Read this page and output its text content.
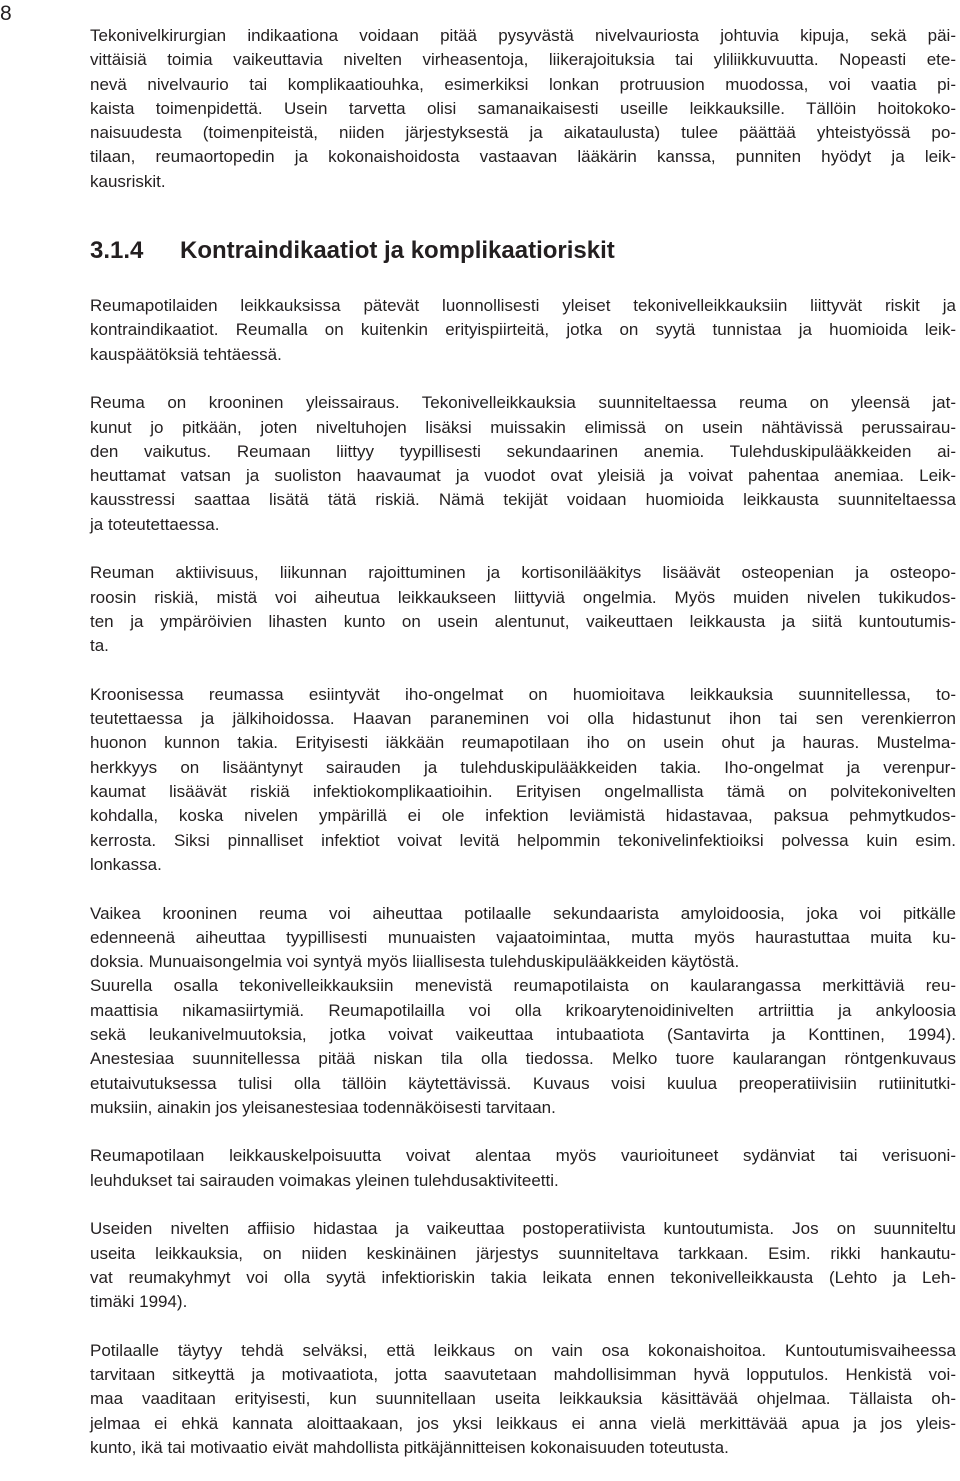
8

Tekonivelkirurgian indikaationa voidaan pitää pysyvästä nivelvauriosta johtuvia kipuja, sekä päi-

vittäisiä toimia vaikeuttavia nivelten virheasentoja, liikerajoituksia tai yliliikkuvuutta. Nopeasti ete-

nevä nivelvaurio tai komplikaatiouhka, esimerkiksi lonkan protruusion muodossa, voi vaatia pi-

kaista toimenpidettä. Usein tarvetta olisi samanaikaisesti useille leikkauksille. Tällöin hoitokoko-

naisuudesta (toimenpiteistä, niiden järjestyksestä ja aikataulusta) tulee päättää yhteistyössä po-

tilaan, reumaortopedin ja kokonaishoidosta vastaavan lääkärin kanssa, punniten hyödyt ja leik-

kausriskit.

3.1.4	Kontraindikaatiot ja komplikaatioriskit

Reumapotilaiden leikkauksissa pätevät luonnollisesti yleiset tekonivelleikkauksiin liittyvät riskit ja

kontraindikaatiot. Reumalla on kuitenkin erityispiirteitä, jotka on syytä tunnistaa ja huomioida leik-

kauspäätöksiä tehtäessä.

Reuma on krooninen yleissairaus. Tekonivelleikkauksia suunniteltaessa reuma on yleensä jat-

kunut jo pitkään, joten niveltuhojen lisäksi muissakin elimissä on usein nähtävissä perussairau-

den vaikutus. Reumaan liittyy tyypillisesti sekundaarinen anemia. Tulehduskipulääkkeiden ai-

heuttamat vatsan ja suoliston haavaumat ja vuodot ovat yleisiä ja voivat pahentaa anemiaa. Leik-

kausstressi saattaa lisätä tätä riskiä. Nämä tekijät voidaan huomioida leikkausta suunniteltaessa

ja toteutettaessa.

Reuman aktiivisuus, liikunnan rajoittuminen ja kortisonilääkitys lisäävät osteopenian ja osteopo-

roosin riskiä, mistä voi aiheutua leikkaukseen liittyviä ongelmia. Myös muiden nivelen tukikudos-

ten ja ympäröivien lihasten kunto on usein alentunut, vaikeuttaen leikkausta ja siitä kuntoutumis-

ta.

Kroonisessa reumassa esiintyvät iho-ongelmat on huomioitava leikkauksia suunnitellessa, to-

teutettaessa ja jälkihoidossa. Haavan paraneminen voi olla hidastunut ihon tai sen verenkierron

huonon kunnon takia. Erityisesti iäkkään reumapotilaan iho on usein ohut ja hauras. Mustelma-

herkkyys on lisääntynyt sairauden ja tulehduskipulääkkeiden takia. Iho-ongelmat ja verenpur-

kaumat lisäävät riskiä infektiokomplikaatioihin. Erityisen ongelmallista tämä on polvitekonivelten

kohdalla, koska nivelen ympärillä ei ole infektion leviämistä hidastavaa, paksua pehmytkudos-

kerrosta. Siksi pinnalliset infektiot voivat levitä helpommin tekonivelinfektioiksi polvessa kuin esim.

lonkassa.

Vaikea krooninen reuma voi aiheuttaa potilaalle sekundaarista amyloidoosia, joka voi pitkälle

edenneenä aiheuttaa tyypillisesti munuaisten vajaatoimintaa, mutta myös haurastuttaa muita ku-

doksia. Munuaisongelmia voi syntyä myös liiallisesta tulehduskipulääkkeiden käytöstä.

Suurella osalla tekonivelleikkauksiin menevistä reumapotilaista on kaularangassa merkittäviä reu-

maattisia nikamasiirtymiä. Reumapotilailla voi olla krikoarytenoidinivelten artriittia ja ankyloosia

sekä leukanivelmuutoksia, jotka voivat vaikeuttaa intubaatiota (Santavirta ja Konttinen, 1994).

Anestesiaa suunnitellessa pitää niskan tila olla tiedossa. Melko tuore kaularangan röntgenkuvaus

etutaivutuksessa tulisi olla tällöin käytettävissä. Kuvaus voisi kuulua preoperatiivisiin rutiinitutki-

muksiin, ainakin jos yleisanestesiaa todennäköisesti tarvitaan.

Reumapotilaan leikkauskelpoisuutta voivat alentaa myös vaurioituneet sydänviat tai verisuoni-

leuhdukset tai sairauden voimakas yleinen tulehdusaktiviteetti.

Useiden nivelten affiisio hidastaa ja vaikeuttaa postoperatiivista kuntoutumista. Jos on suunniteltu

useita leikkauksia, on niiden keskinäinen järjestys suunniteltava tarkkaan. Esim. rikki hankautu-

vat reumakyhmyt voi olla syytä infektioriskin takia leikata ennen tekonivelleikkausta (Lehto ja Leh-

timäki 1994).

Potilaalle täytyy tehdä selväksi, että leikkaus on vain osa kokonaishoitoa. Kuntoutumisvaiheessa

tarvitaan sitkeyttä ja motivaatiota, jotta saavutetaan mahdollisimman hyvä lopputulos. Henkistä voi-

maa vaaditaan erityisesti, kun suunnitellaan useita leikkauksia käsittävää ohjelmaa. Tällaista oh-

jelmaa ei ehkä kannata aloittaakaan, jos yksi leikkaus ei anna vielä merkittävää apua ja jos yleis-

kunto, ikä tai motivaatio eivät mahdollista pitkäjännitteisen kokonaisuuden toteutusta.
